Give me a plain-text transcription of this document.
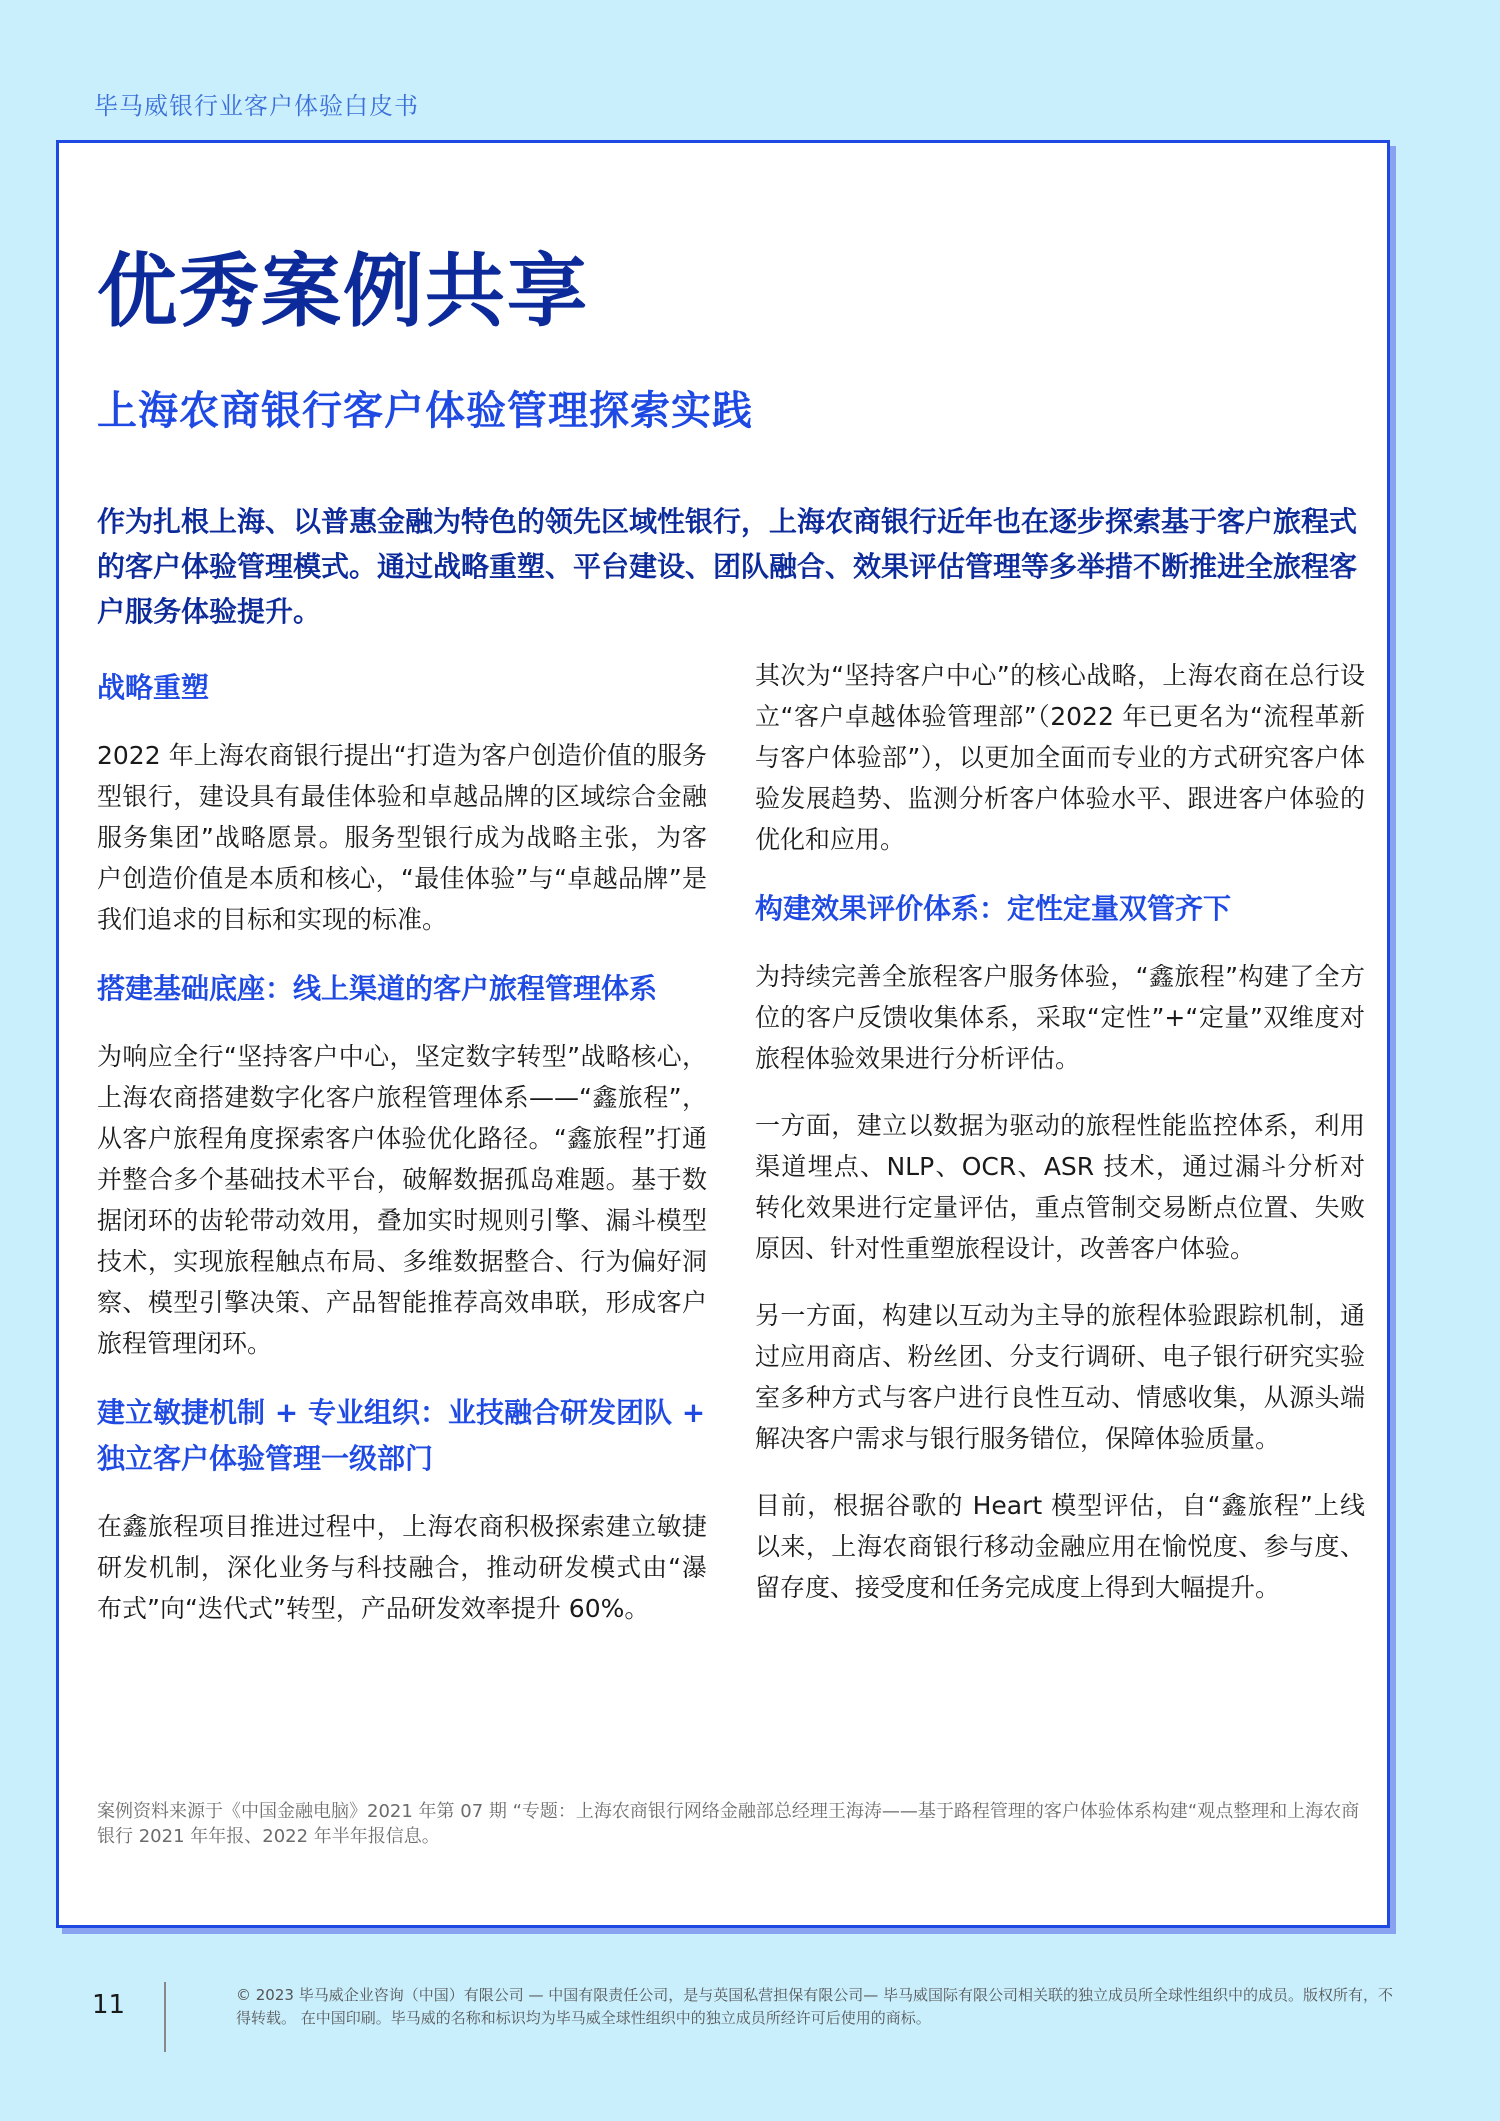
毕马威银行业客户体验白皮书
优秀案例共享
上海农商银行客户体验管理探索实践

作为扎根上海、以普惠金融为特色的领先区域性银行，上海农商银行近年也在逐步探索基于客户旅程式的客户体验管理模式。通过战略重塑、平台建设、团队融合、效果评估管理等多举措不断推进全旅程客户服务体验提升。

战略重塑

2022 年上海农商银行提出“打造为客户创造价值的服务型银行，建设具有最佳体验和卓越品牌的区域综合金融服务集团”战略愿景。服务型银行成为战略主张，为客户创造价值是本质和核心，“最佳体验”与“卓越品牌”是我们追求的目标和实现的标准。

搭建基础底座：线上渠道的客户旅程管理体系

为响应全行“坚持客户中心，坚定数字转型”战略核心，上海农商搭建数字化客户旅程管理体系——“鑫旅程”，从客户旅程角度探索客户体验优化路径。“鑫旅程”打通并整合多个基础技术平台，破解数据孤岛难题。基于数据闭环的齿轮带动效用，叠加实时规则引擎、漏斗模型技术，实现旅程触点布局、多维数据整合、行为偏好洞察、模型引擎决策、产品智能推荐高效串联，形成客户旅程管理闭环。

建立敏捷机制 + 专业组织：业技融合研发团队 + 独立客户体验管理一级部门

在鑫旅程项目推进过程中，上海农商积极探索建立敏捷研发机制，深化业务与科技融合，推动研发模式由“瀑布式”向“迭代式”转型，产品研发效率提升 60%。

其次为“坚持客户中心”的核心战略，上海农商在总行设立“客户卓越体验管理部”（2022 年已更名为“流程革新与客户体验部”），以更加全面而专业的方式研究客户体验发展趋势、监测分析客户体验水平、跟进客户体验的优化和应用。

构建效果评价体系：定性定量双管齐下

为持续完善全旅程客户服务体验，“鑫旅程”构建了全方位的客户反馈收集体系，采取“定性”+“定量”双维度对旅程体验效果进行分析评估。

一方面，建立以数据为驱动的旅程性能监控体系，利用渠道埋点、NLP、OCR、ASR 技术，通过漏斗分析对转化效果进行定量评估，重点管制交易断点位置、失败原因、针对性重塑旅程设计，改善客户体验。

另一方面，构建以互动为主导的旅程体验跟踪机制，通过应用商店、粉丝团、分支行调研、电子银行研究实验室多种方式与客户进行良性互动、情感收集，从源头端解决客户需求与银行服务错位，保障体验质量。

目前，根据谷歌的 Heart 模型评估，自“鑫旅程”上线以来，上海农商银行移动金融应用在愉悦度、参与度、留存度、接受度和任务完成度上得到大幅提升。

案例资料来源于《中国金融电脑》2021 年第 07 期 “专题：上海农商银行网络金融部总经理王海涛——基于路程管理的客户体验体系构建“观点整理和上海农商银行 2021 年年报、2022 年半年报信息。

11	© 2023 毕马威企业咨询（中国）有限公司 — 中国有限责任公司，是与英国私营担保有限公司— 毕马威国际有限公司相关联的独立成员所全球性组织中的成员。版权所有，不得转载。 在中国印刷。毕马威的名称和标识均为毕马威全球性组织中的独立成员所经许可后使用的商标。
